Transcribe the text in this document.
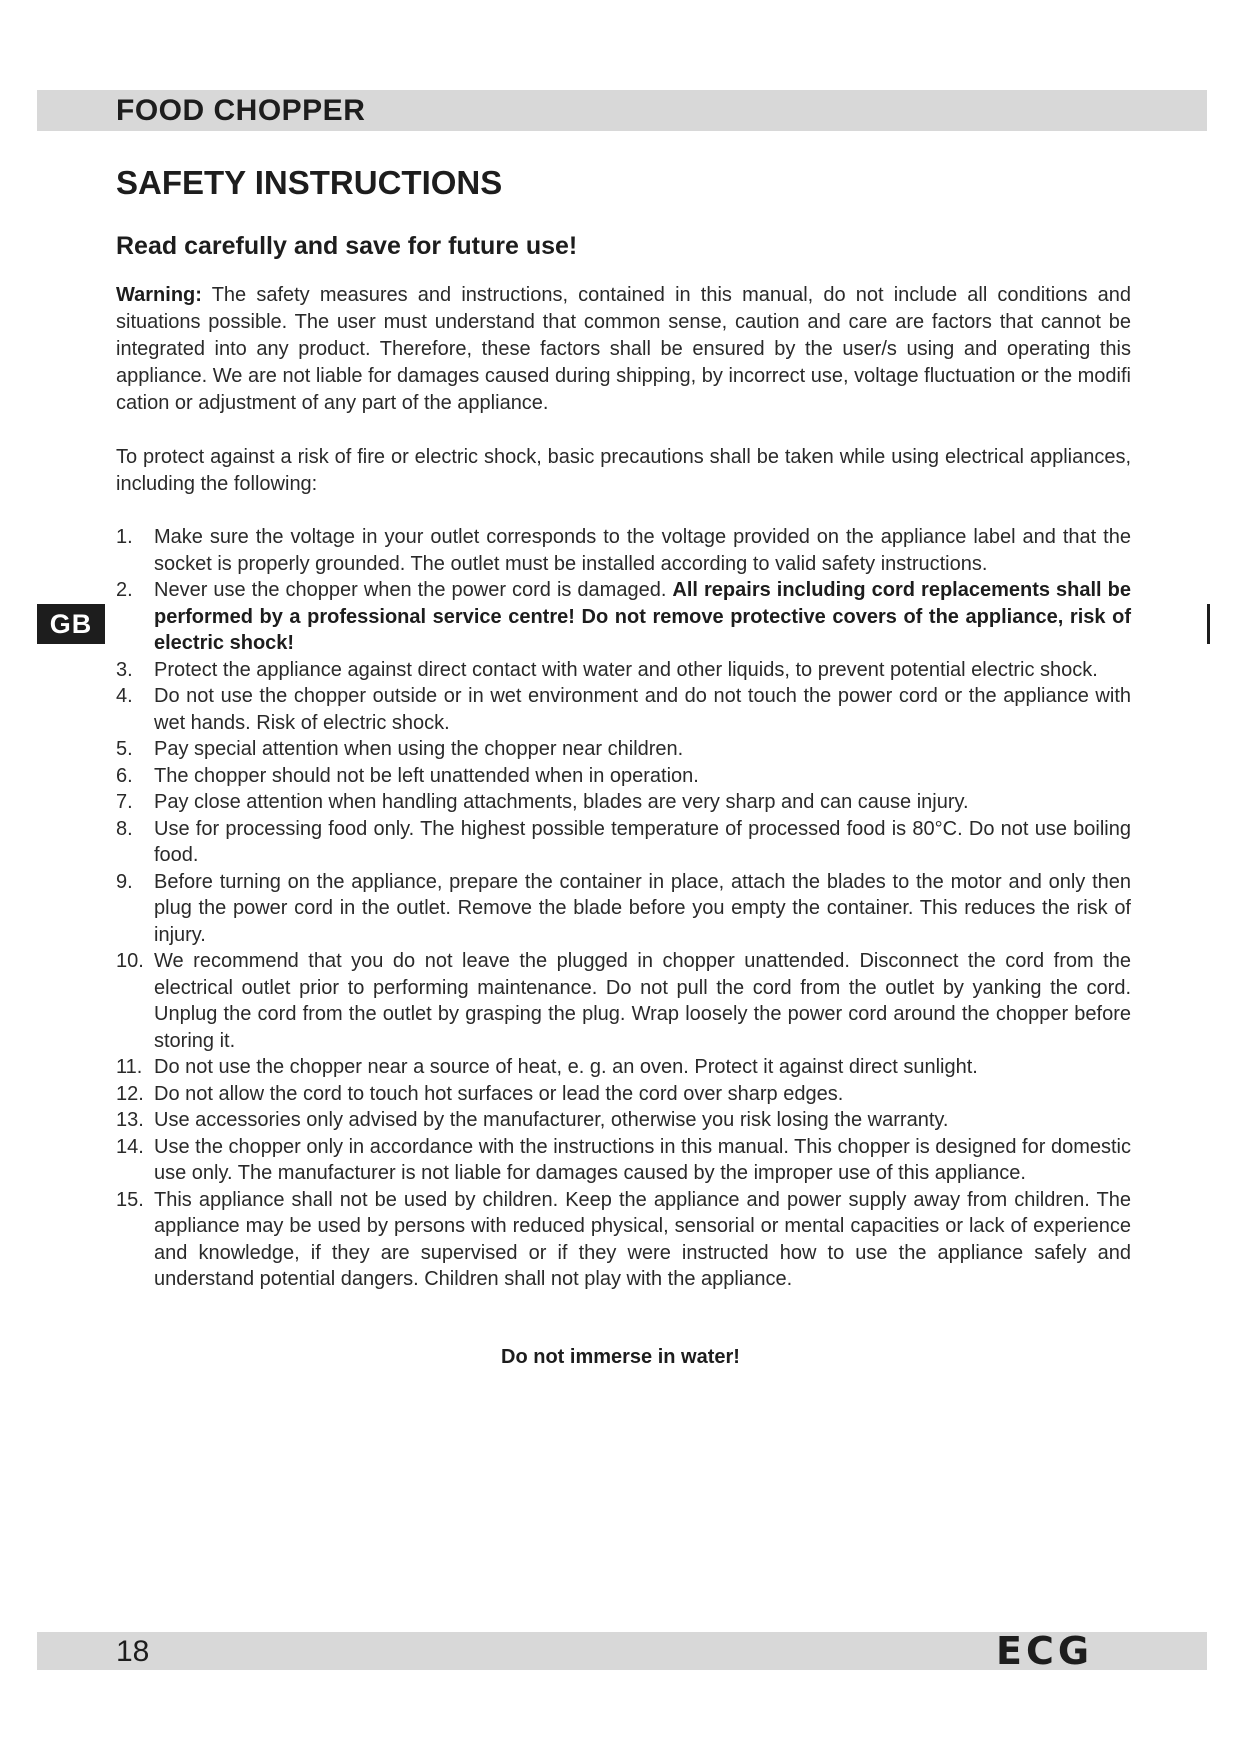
FOOD CHOPPER
SAFETY INSTRUCTIONS
Read carefully and save for future use!

Warning: The safety measures and instructions, contained in this manual, do not include all conditions and situations possible. The user must understand that common sense, caution and care are factors that cannot be integrated into any product. Therefore, these factors shall be ensured by the user/s using and operating this appliance. We are not liable for damages caused during shipping, by incorrect use, voltage fluctuation or the modifi cation or adjustment of any part of the appliance.

To protect against a risk of fire or electric shock, basic precautions shall be taken while using electrical appliances, including the following:

1. Make sure the voltage in your outlet corresponds to the voltage provided on the appliance label and that the socket is properly grounded. The outlet must be installed according to valid safety instructions.
2. Never use the chopper when the power cord is damaged. All repairs including cord replacements shall be performed by a professional service centre! Do not remove protective covers of the appliance, risk of electric shock!
3. Protect the appliance against direct contact with water and other liquids, to prevent potential electric shock.
4. Do not use the chopper outside or in wet environment and do not touch the power cord or the appliance with wet hands. Risk of electric shock.
5. Pay special attention when using the chopper near children.
6. The chopper should not be left unattended when in operation.
7. Pay close attention when handling attachments, blades are very sharp and can cause injury.
8. Use for processing food only. The highest possible temperature of processed food is 80°C. Do not use boiling food.
9. Before turning on the appliance, prepare the container in place, attach the blades to the motor and only then plug the power cord in the outlet. Remove the blade before you empty the container. This reduces the risk of injury.
10. We recommend that you do not leave the plugged in chopper unattended. Disconnect the cord from the electrical outlet prior to performing maintenance. Do not pull the cord from the outlet by yanking the cord. Unplug the cord from the outlet by grasping the plug. Wrap loosely the power cord around the chopper before storing it.
11. Do not use the chopper near a source of heat, e. g. an oven. Protect it against direct sunlight.
12. Do not allow the cord to touch hot surfaces or lead the cord over sharp edges.
13. Use accessories only advised by the manufacturer, otherwise you risk losing the warranty.
14. Use the chopper only in accordance with the instructions in this manual. This chopper is designed for domestic use only. The manufacturer is not liable for damages caused by the improper use of this appliance.
15. This appliance shall not be used by children. Keep the appliance and power supply away from children. The appliance may be used by persons with reduced physical, sensorial or mental capacities or lack of experience and knowledge, if they are supervised or if they were instructed how to use the appliance safely and understand potential dangers. Children shall not play with the appliance.

Do not immerse in water!

GB
18	ECG
